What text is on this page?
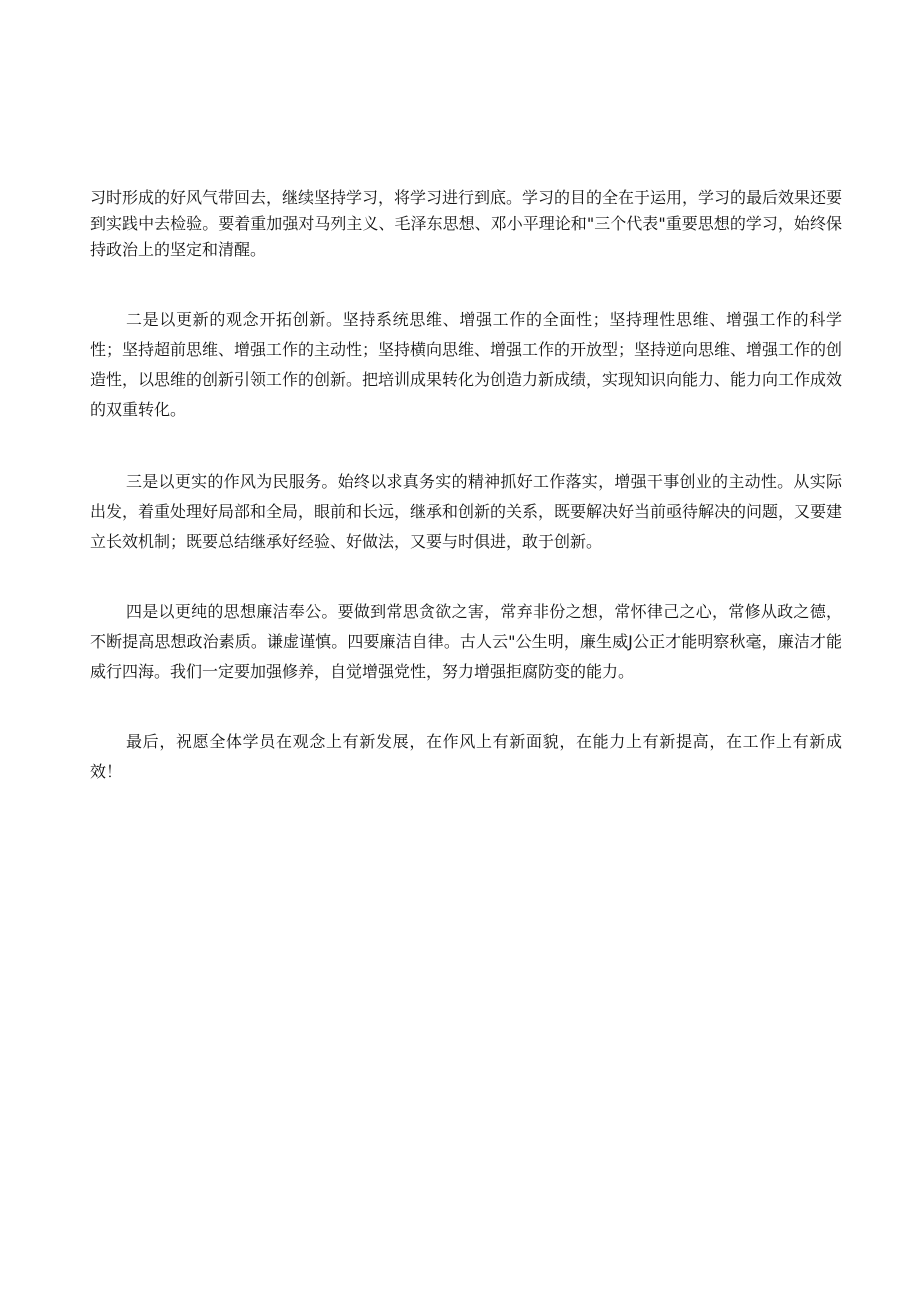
习时形成的好风气带回去，继续坚持学习，将学习进行到底。学习的目的全在于运用，学习的最后效果还要到实践中去检验。要着重加强对马列主义、毛泽东思想、邓小平理论和"三个代表"重要思想的学习，始终保持政治上的坚定和清醒。

二是以更新的观念开拓创新。坚持系统思维、增强工作的全面性；坚持理性思维、增强工作的科学性；坚持超前思维、增强工作的主动性；坚持横向思维、增强工作的开放型；坚持逆向思维、增强工作的创造性，以思维的创新引领工作的创新。把培训成果转化为创造力新成绩，实现知识向能力、能力向工作成效的双重转化。

三是以更实的作风为民服务。始终以求真务实的精神抓好工作落实，增强干事创业的主动性。从实际出发，着重处理好局部和全局，眼前和长远，继承和创新的关系，既要解决好当前亟待解决的问题，又要建立长效机制；既要总结继承好经验、好做法，又要与时俱进，敢于创新。

四是以更纯的思想廉洁奉公。要做到常思贪欲之害，常弃非份之想，常怀律己之心，常修从政之德，不断提高思想政治素质。谦虚谨慎。四要廉洁自律。古人云"公生明，廉生威J公正才能明察秋毫，廉洁才能威行四海。我们一定要加强修养，自觉增强党性，努力增强拒腐防变的能力。

最后，祝愿全体学员在观念上有新发展，在作风上有新面貌，在能力上有新提高，在工作上有新成效！
